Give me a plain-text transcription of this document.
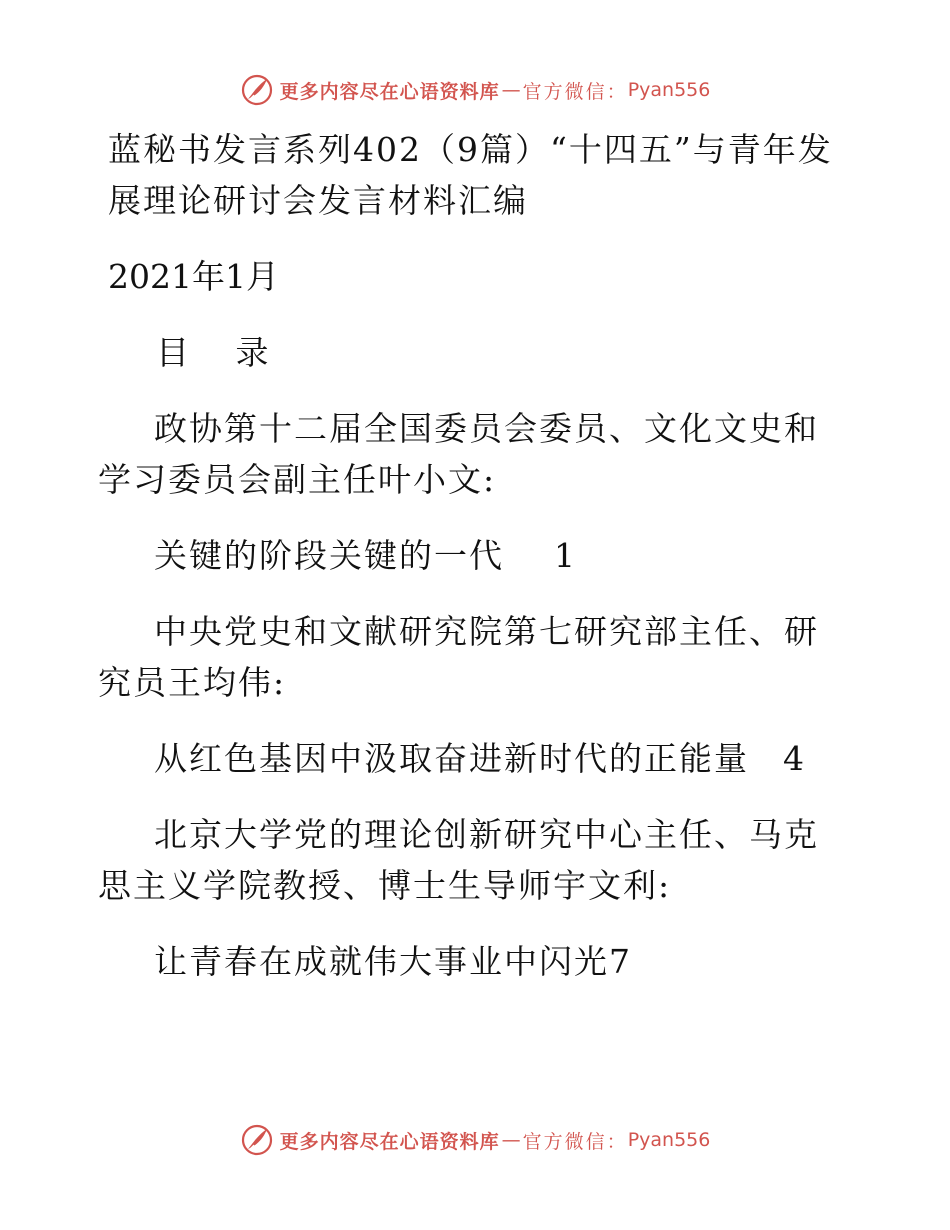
更多内容尽在心语资料库 — 官方微信： Pyan556

蓝秘书发言系列402（9篇）“十四五”与青年发展理论研讨会发言材料汇编

2021年1月

目 录

政协第十二届全国委员会委员、文化文史和学习委员会副主任叶小文:

关键的阶段关键的一代 1

中央党史和文献研究院第七研究部主任、研究员王均伟:

从红色基因中汲取奋进新时代的正能量 4

北京大学党的理论创新研究中心主任、马克思主义学院教授、博士生导师宇文利:

让青春在成就伟大事业中闪光7

更多内容尽在心语资料库 — 官方微信： Pyan556
